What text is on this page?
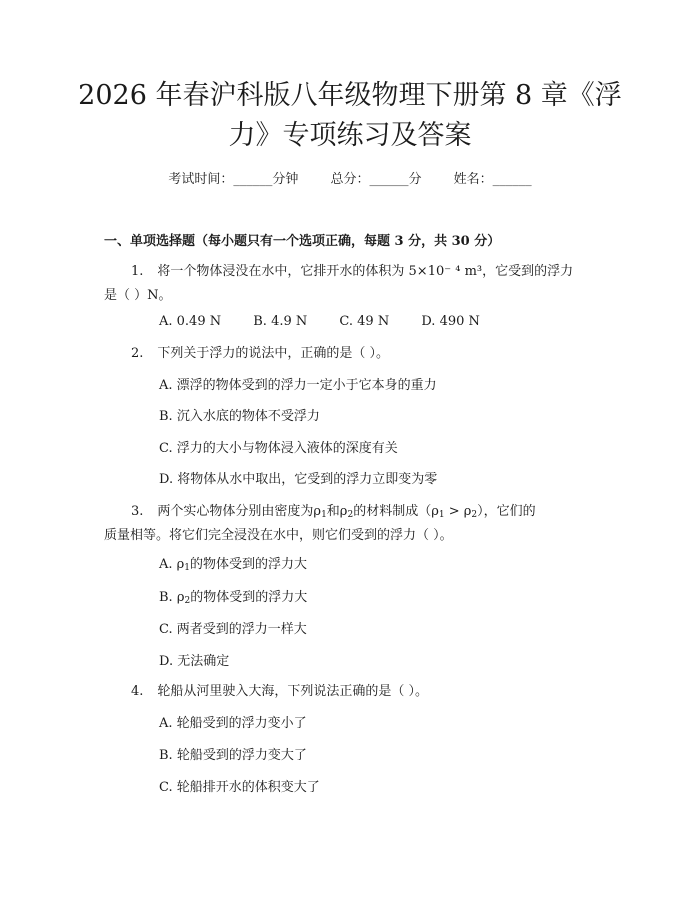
2026 年春沪科版八年级物理下册第 8 章《浮
力》专项练习及答案
考试时间：______分钟 总分：______分 姓名：______
一、单项选择题（每小题只有一个选项正确，每题 3 分，共 30 分）
1. 将一个物体浸没在水中，它排开水的体积为 5×10⁻ ⁴ m³，它受到的浮力
是（ ）N。
A. 0.49 N B. 4.9 N C. 49 N D. 490 N
2. 下列关于浮力的说法中，正确的是（ ）。
A. 漂浮的物体受到的浮力一定小于它本身的重力
B. 沉入水底的物体不受浮力
C. 浮力的大小与物体浸入液体的深度有关
D. 将物体从水中取出，它受到的浮力立即变为零
3. 两个实心物体分别由密度为$\rho_1$和$\rho_2$的材料制成$(\rho_1 > \rho_2)$，它们的
质量相等。将它们完全浸没在水中，则它们受到的浮力（ ）。
A. $\rho_1$的物体受到的浮力大
B. $\rho_2$的物体受到的浮力大
C. 两者受到的浮力一样大
D. 无法确定
4. 轮船从河里驶入大海，下列说法正确的是（ ）。
A. 轮船受到的浮力变小了
B. 轮船受到的浮力变大了
C. 轮船排开水的体积变大了
